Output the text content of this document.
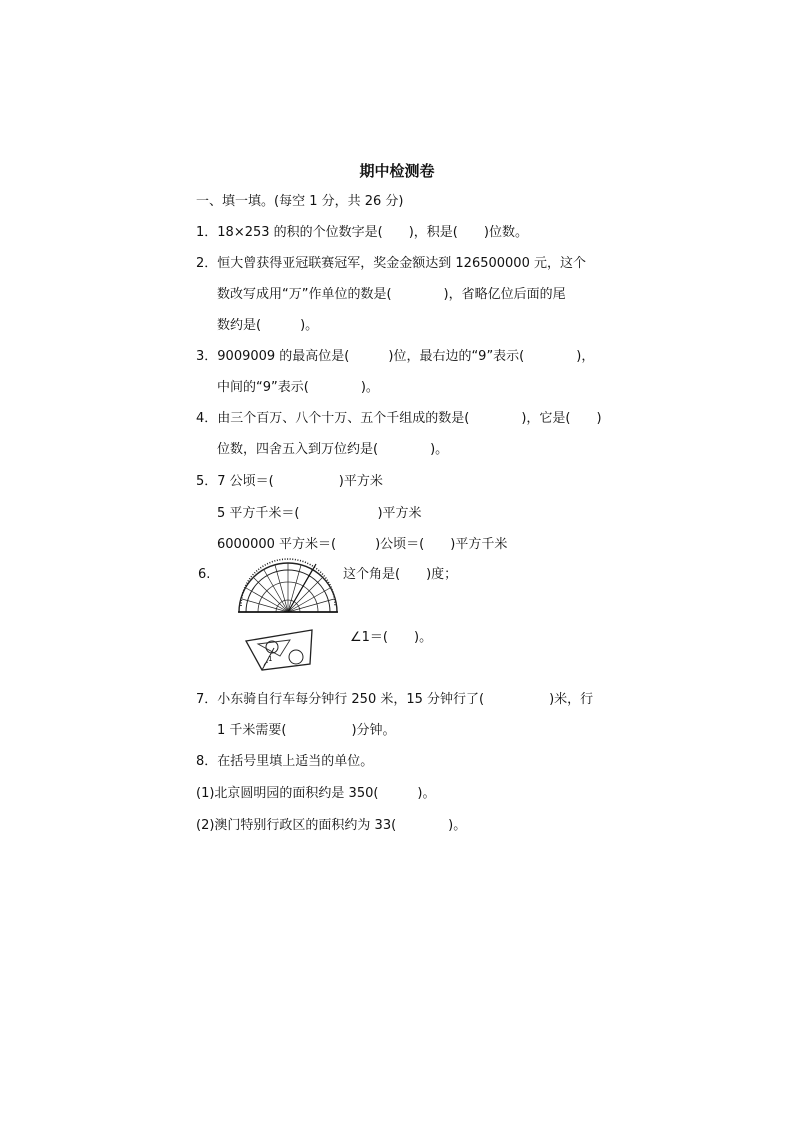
期中检测卷
一、填一填。(每空 1 分，共 26 分)
1．18×253 的积的个位数字是(　　)，积是(　　)位数。
2．恒大曾获得亚冠联赛冠军，奖金金额达到 126500000 元，这个
数改写成用“万”作单位的数是(　　　　)，省略亿位后面的尾
数约是(　　　)。
3．9009009 的最高位是(　　　)位，最右边的“9”表示(　　　　)，
中间的“9”表示(　　　　)。
4．由三个百万、八个十万、五个千组成的数是(　　　　)，它是(　　)
位数，四舍五入到万位约是(　　　　)。
5．7 公顷＝(　　　　　)平方米
5 平方千米＝(　　　　　　)平方米
6000000 平方米＝(　　　)公顷＝(　　)平方千米
6.	这个角是(　　)度；
1
∠1＝(　　)。
7．小东骑自行车每分钟行 250 米，15 分钟行了(　　　　　)米，行
1 千米需要(　　　　　)分钟。
8．在括号里填上适当的单位。
(1)北京圆明园的面积约是 350(　　　)。
(2)澳门特别行政区的面积约为 33(　　　　)。
